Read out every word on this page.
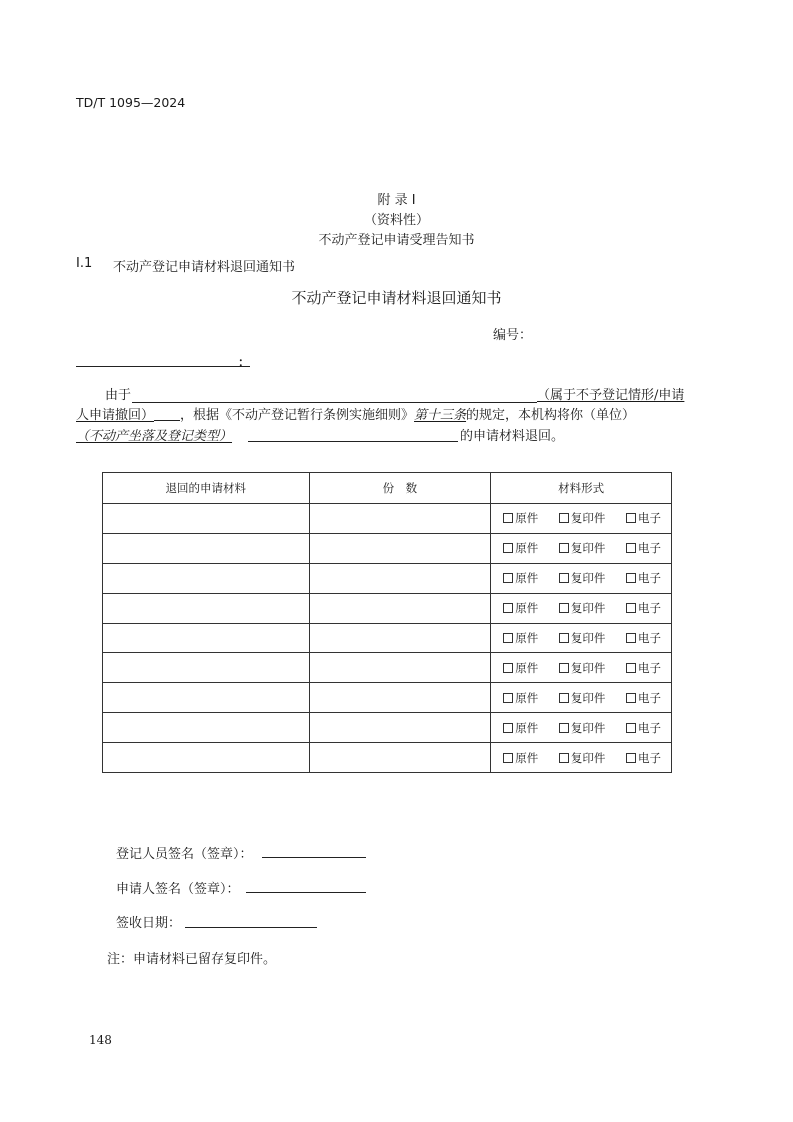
TD/T 1095—2024
附 录 I
（资料性）
不动产登记申请受理告知书
I.1 不动产登记申请材料退回通知书
不动产登记申请材料退回通知书
编号：
：
由于	（属于不予登记情形/申请
人申请撤回） ，根据《不动产登记暂行条例实施细则》第十三条的规定，本机构将你（单位）
（不动产坐落及登记类型）	的申请材料退回。
退回的申请材料	份　数	材料形式

		原件 复印件 电子

		原件 复印件 电子

		原件 复印件 电子

		原件 复印件 电子

		原件 复印件 电子

		原件 复印件 电子

		原件 复印件 电子

		原件 复印件 电子

		原件 复印件 电子
登记人员签名（签章）：
申请人签名（签章）：
签收日期：
注：申请材料已留存复印件。
148
